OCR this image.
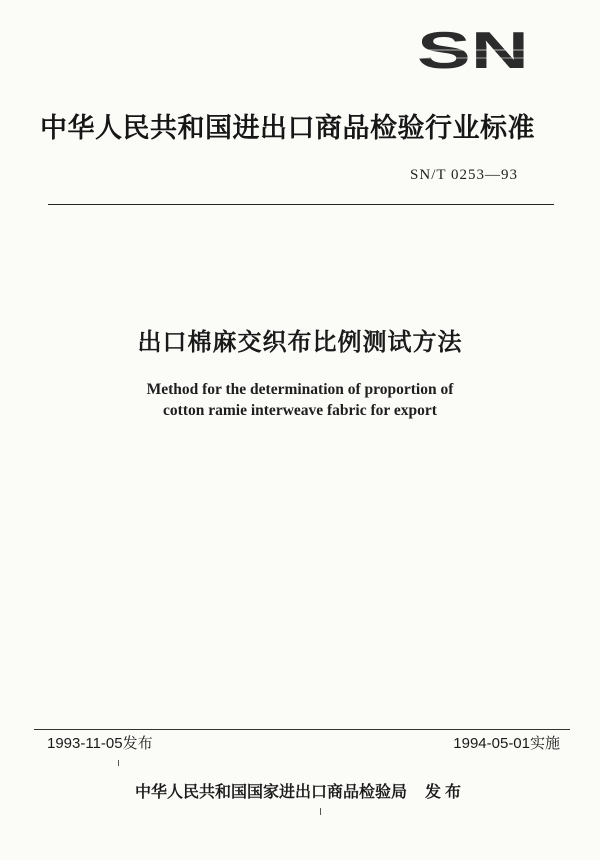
SN
中华人民共和国进出口商品检验行业标准
SN/T 0253—93
出口棉麻交织布比例测试方法
Method for the determination of proportion of
cotton ramie interweave fabric for export
1993-11-05发布	1994-05-01实施
中华人民共和国国家进出口商品检验局 发布
